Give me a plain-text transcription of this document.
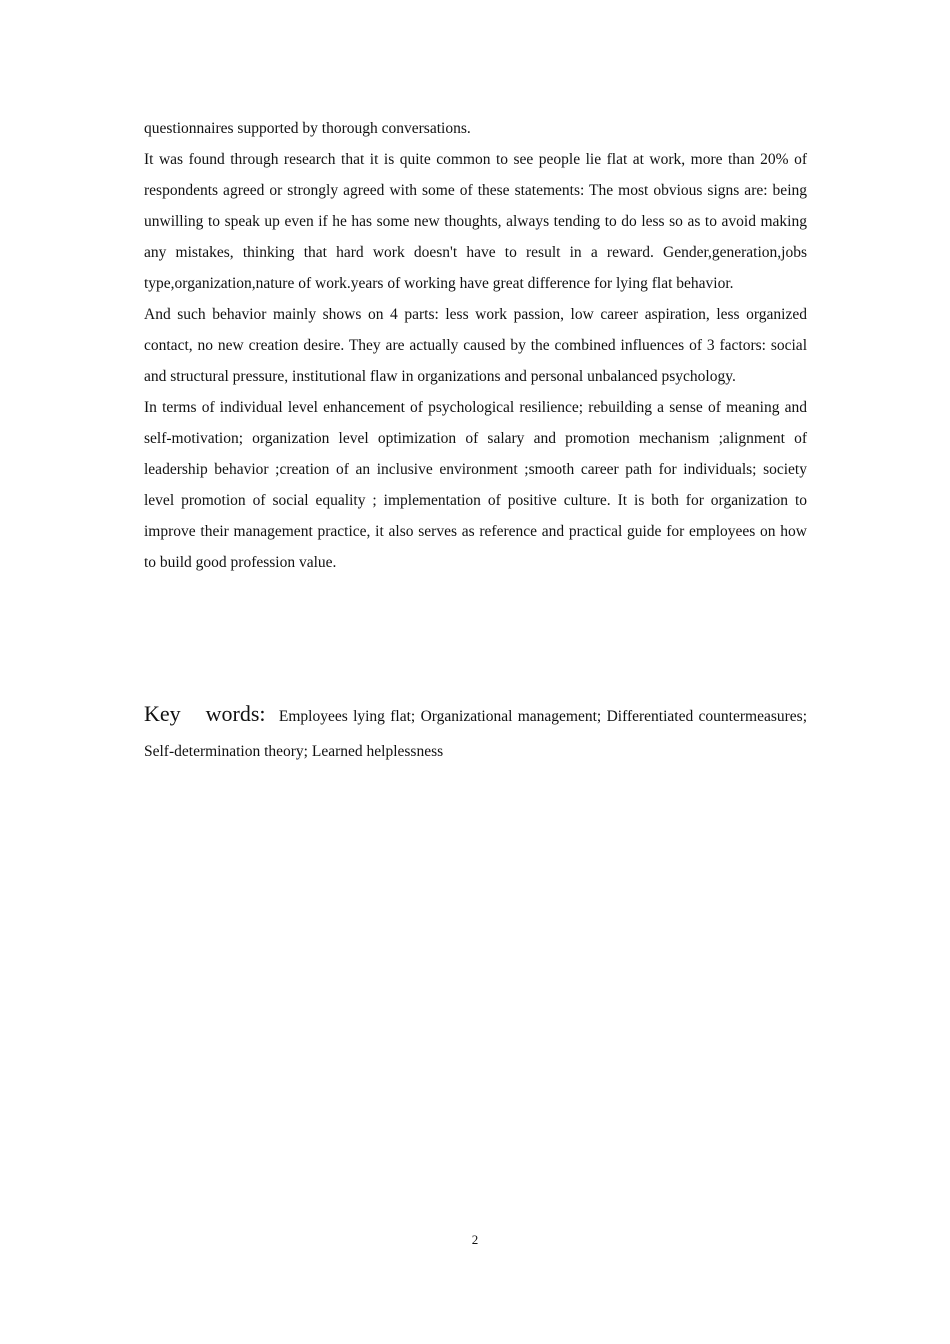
questionnaires supported by thorough conversations.

It was found through research that it is quite common to see people lie flat at work, more than 20% of respondents agreed or strongly agreed with some of these statements: The most obvious signs are: being unwilling to speak up even if he has some new thoughts, always tending to do less so as to avoid making any mistakes, thinking that hard work doesn't have to result in a reward. Gender,generation,jobs type,organization,nature of work.years of working have great difference for lying flat behavior.

And such behavior mainly shows on 4 parts: less work passion, low career aspiration, less organized contact, no new creation desire. They are actually caused by the combined influences of 3 factors: social and structural pressure, institutional flaw in organizations and personal unbalanced psychology.

In terms of individual level enhancement of psychological resilience; rebuilding a sense of meaning and self-motivation; organization level optimization of salary and promotion mechanism ;alignment of leadership behavior ;creation of an inclusive environment ;smooth career path for individuals; society level promotion of social equality ; implementation of positive culture. It is both for organization to improve their management practice, it also serves as reference and practical guide for employees on how to build good profession value.

Key words: Employees lying flat; Organizational management; Differentiated countermeasures; Self-determination theory; Learned helplessness

2
